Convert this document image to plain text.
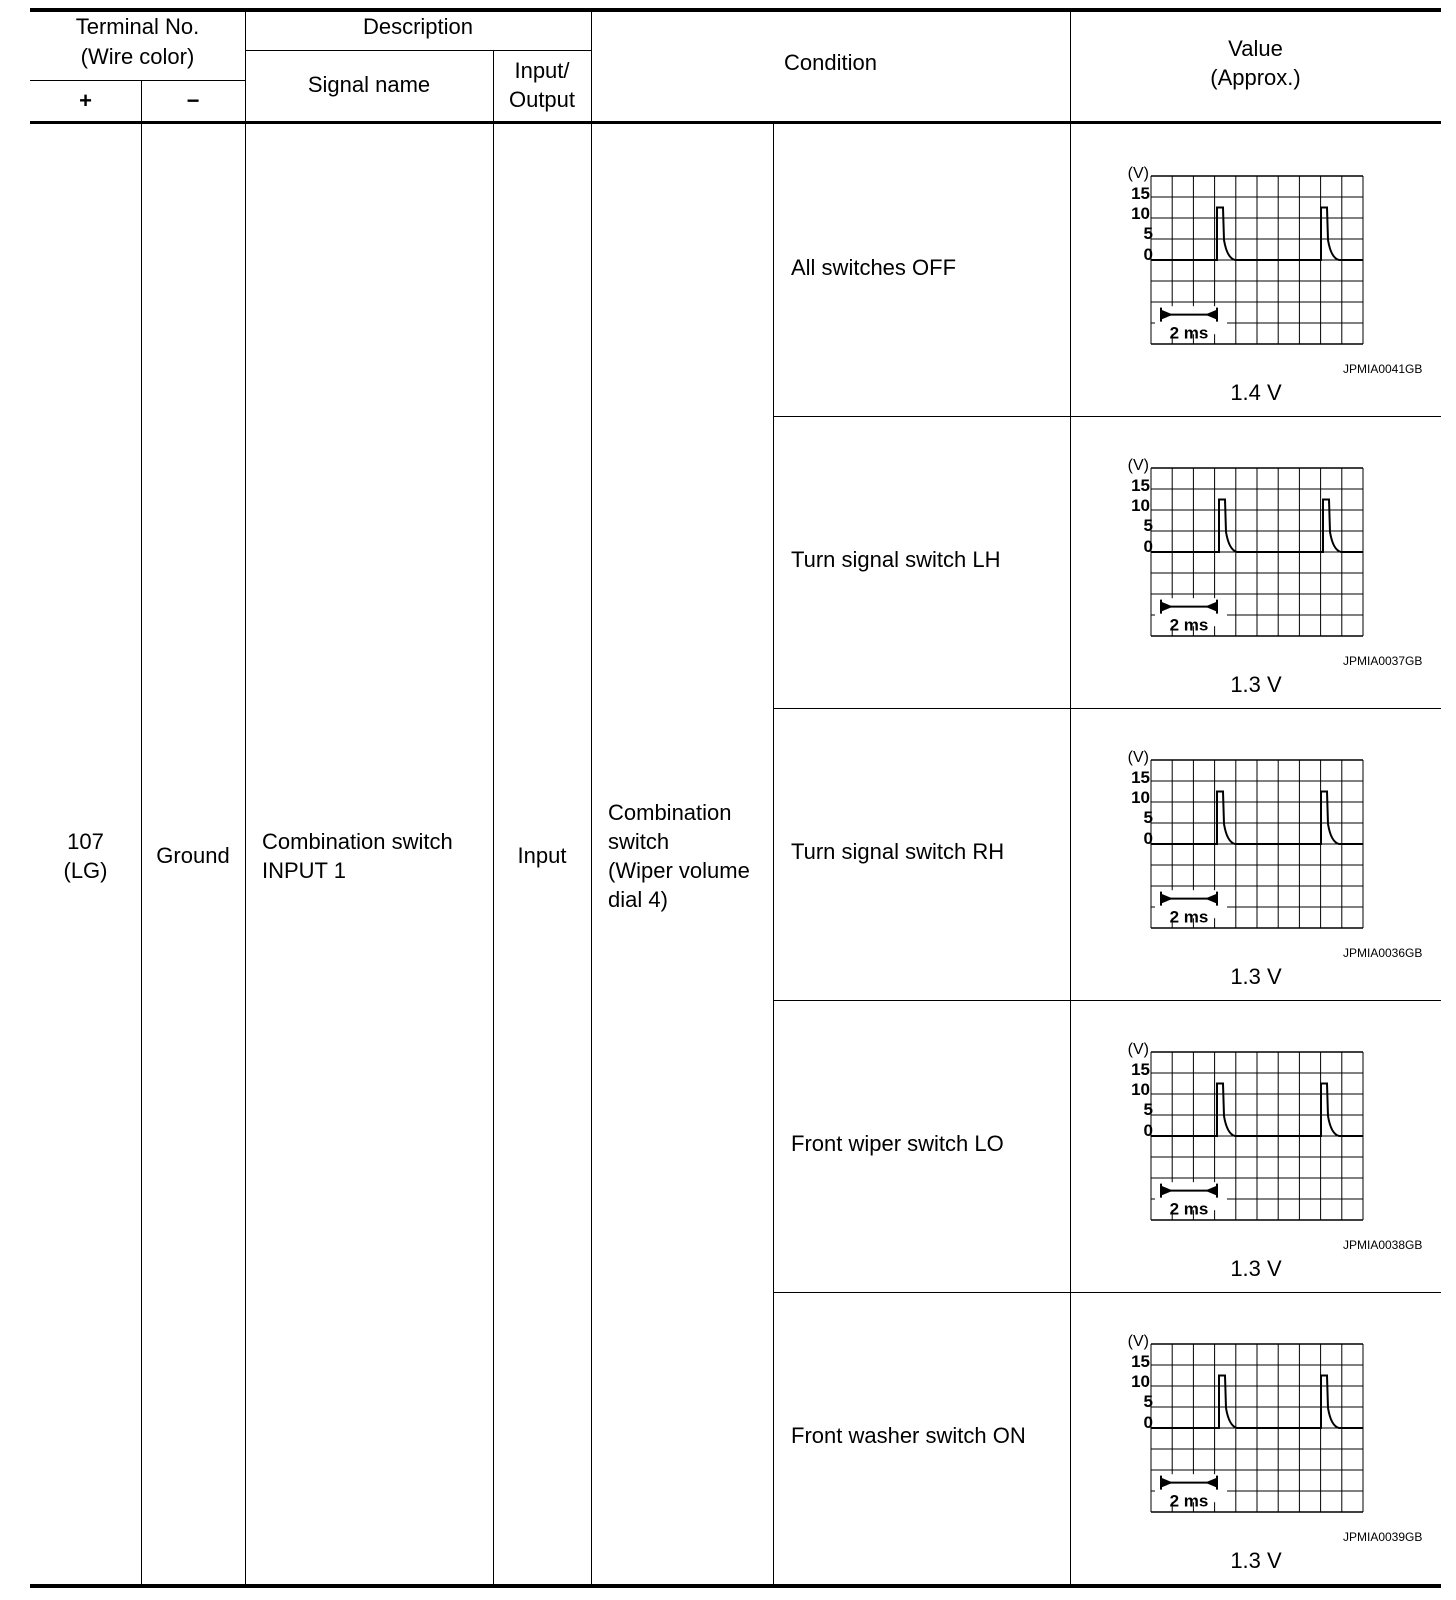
Terminal No.
(Wire color)
+	−
Description
Signal name
Input/
Output
Condition
Value
(Approx.)
107
(LG)
Ground
Combination switch
INPUT 1
Input
Combination
switch
(Wiper volume
dial 4)
All switches OFF
(V)
15
10
5
0
2 ms
JPMIA0041GB
1.4 V
Turn signal switch LH
(V)
15
10
5
0
2 ms
JPMIA0037GB
1.3 V
Turn signal switch RH
(V)
15
10
5
0
2 ms
JPMIA0036GB
1.3 V
Front wiper switch LO
(V)
15
10
5
0
2 ms
JPMIA0038GB
1.3 V
Front washer switch ON
(V)
15
10
5
0
2 ms
JPMIA0039GB
1.3 V
